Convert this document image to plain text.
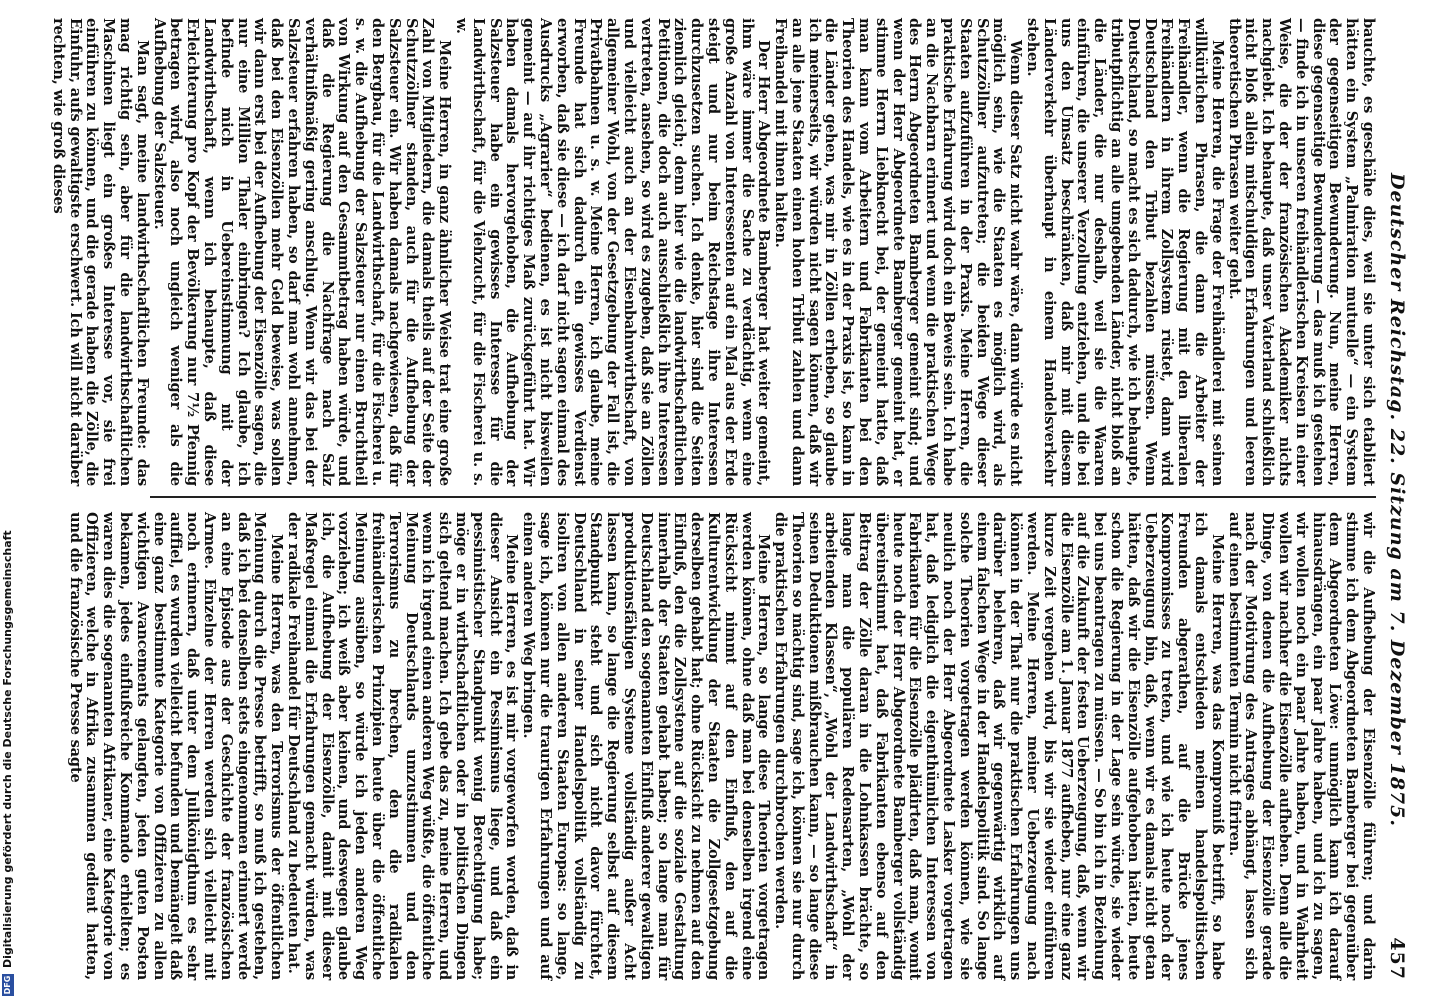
Deutscher Reichstag. 22. Sitzung am 7. Dezember 1875.
457

bauchte, es geschähe dies, weil sie unter sich etabliert hätten ein System „Palmiration mutuelle“ — ein System der gegenseitigen Bewunderung. Nun, meine Herren, diese gegenseitige Bewunderung — das muß ich gestehen — finde ich in unseren freihändlerischen Kreisen in einer Weise, die der der französischen Akademiker nichts nachgiebt. Ich behaupte, daß unser Vaterland schließlich nicht bloß allein mitschuldigen Erfahrungen und leeren theoretischen Phrasen weiter geht.

Meine Herren, die Frage der Freihändlerei mit seinen willkürlichen Phrasen, die dann die Arbeiter der Freihändler, wenn die Regierung mit den liberalen Freihändlern in ihrem Zollsystem rüstet, dann wird Deutschland den Tribut bezahlen müssen. Wenn Deutschland, so macht es sich dadurch, wie ich behaupte, tributpflichtig an alle umgebenden Länder, nicht bloß an die Länder, die nur deshalb, weil sie die Waaren einführen, die unserer Verzollung entziehen, und die bei uns den Umsatz beschränken, daß mir mit diesem Länderverkehr überhaupt in einem Handelsverkehr stehen.

Wenn dieser Satz nicht wahr wäre, dann würde es nicht möglich sein, wie die Staaten es möglich wird, als Schutzzöllner aufzutreten; die beiden Wege dieser Staaten aufzuführen in der Praxis. Meine Herren, die praktische Erfahrung wird doch ein Beweis sein. Ich habe an die Nachbarn erinnert und wenn die praktischen Wege des Herrn Abgeordneten Bamberger gemeint sind; und wenn der Herr Abgeordnete Bamberger gemeint hat, er stimme Herrn Liebknecht bei, der gemeint hatte, daß man kann vom Arbeitern und Fabrikanten bei den Theorien des Handels, wie es in der Praxis ist, so kann in die Länder gehen, was mir in Zöllen erheben, so glaube ich meinerseits, wir würden nicht sagen können, daß wir an alle jene Staaten einen hohen Tribut zahlen und dann Freihandel mit ihnen halten.

Der Herr Abgeordnete Bamberger hat weiter gemeint, ihm wäre immer die Sache zu verdächtig, wenn eine große Anzahl von Interessenten auf ein Mal aus der Erde steigt und nur beim Reichstage ihre Interessen durchzusetzen suchen. Ich denke, hier sind die Seiten ziemlich gleich; denn hier wie die landwirthschaftlichen Petitionen, die doch auch ausschließlich ihre Interessen vertreten, ansehen, so wird es zugeben, daß sie an Zöllen und vielleicht auch an der Eisenbahnwirthschaft, von allgemeiner Wohl, von der Gesetzgebung der Fall ist, die Privatbahnen u. s. w. Meine Herren, ich glaube, meine Freunde hat sich dadurch ein gewisses Verdienst erworben, daß sie diese — ich darf nicht sagen einmal des Ausdrucks „Agrarier“ bedienen, es ist nicht bisweilen gemeint — auf ihr richtiges Maß zurückgeführt hat. Wir haben damals hervorgehoben, die Aufhebung der Salzsteuer habe ein gewisses Interesse für die Landwirthschaft, für die Viehzucht, für die Fischerei u. s. w.

Meine Herren, in ganz ähnlicher Weise trat eine große Zahl von Mitgliedern, die damals theils auf der Seite der Schutzzöllner standen, auch für die Aufhebung der Salzsteuer ein. Wir haben damals nachgewiesen, daß für den Bergbau, für die Landwirthschaft, für die Fischerei u. s. w. die Aufhebung der Salzsteuer nur einen Bruchtheil von Wirkung auf den Gesammtbetrag haben würde, und daß die Regierung die Nachfrage nach Salz verhältnißmäßig gering anschlug. Wenn wir das bei der Salzsteuer erfahren haben, so darf man wohl annehmen, daß bei den Eisenzöllen mehr Geld beweise, was sollen wir dann erst bei der Aufhebung der Eisenzölle sagen, die nur eine Million Thaler einbringen? Ich glaube, ich befinde mich in Uebereinstimmung mit der Landwirthschaft, wenn ich behaupte, daß diese Erleichterung pro Kopf der Bevölkerung nur 7½ Pfennig betragen wird, also noch ungleich weniger als die Aufhebung der Salzsteuer.

Man sagt, meine landwirthschaftlichen Freunde: das mag richtig sein, aber für die landwirthschaftlichen Maschinen liegt ein großes Interesse vor, sie frei einführen zu können, und die gerade haben die Zölle, die Einfuhr, aufs gewaltigste erschwert. Ich will nicht darüber rechten, wie groß dieses

wir die Aufhebung der Eisenzölle führen; und darin stimme ich dem Abgeordneten Bamberger bei gegenüber dem Abgeordneten Löwe: unmöglich kann ich darauf hinausdrängen, ein paar Jahre haben, und ich zu sagen, wir wollen noch ein paar Jahre haben, und in Wahrheit wollen wir nachher die Eisenzölle aufheben. Denn alle die Dinge, von denen die Aufhebung der Eisenzölle gerade nach der Motivirung des Antrages abhängt, lassen sich auf einen bestimmten Termin nicht firiren.

Meine Herren, was das Kompromiß betrifft, so habe ich damals entschieden meinen handelspolitischen Freunden abgerathen, auf die Brücke jenes Kompromisses zu treten, und wie ich heute noch der Ueberzeugung bin, daß, wenn wir es damals nicht getan hätten, daß wir die Eisenzölle aufgehoben hätten, heute schon die Regierung in der Lage sein würde, sie wieder bei uns beantragen zu müssen. — So bin ich in Beziehung auf die Zukunft der festen Ueberzeugung, daß, wenn wir die Eisenzölle am 1. Januar 1877 aufheben, nur eine ganz kurze Zeit vergehen wird, bis wir sie wieder einführen werden. Meine Herren, meiner Ueberzeugung nach können in der That nur die praktischen Erfahrungen uns darüber belehren, daß wir gegenwärtig wirklich auf einem falschen Wege in der Handelspolitik sind. So lange solche Theorien vorgetragen werden können, wie sie neulich noch der Herr Abgeordnete Lasker vorgetragen hat, daß lediglich die eigenthümlichen Interessen von Fabrikanten für die Eisenzölle plädirten, daß man, womit heute noch der Herr Abgeordnete Bamberger vollständig übereinstimmt hat, daß Fabrikanten ebenso auf den Beitrag der Zölle daran in die Lohnkassen brächte, so lange man die populären Redensarten, „Wohl der arbeitenden Klassen“, „Wohl der Landwirthschaft“ in seinen Deduktionen mißbrauchen kann, — so lange diese Theorien so mächtig sind, sage ich, können sie nur durch die praktischen Erfahrungen durchbrochen werden.

Meine Herren, so lange diese Theorien vorgetragen werden können, ohne daß man bei denselben irgend eine Rücksicht nimmt auf den Einfluß, den auf die Kulturentwicklung der Staaten die Zollgesetzgebung derselben gehabt hat; ohne Rücksicht zu nehmen auf den Einfluß, den die Zollsysteme auf die soziale Gestaltung innerhalb der Staaten gehabt haben; so lange man für Deutschland den sogenannten Einfluß anderer gewaltigen produktionsfähigen Systeme vollständig außer Acht lassen kann, so lange die Regierung selbst auf diesem Standpunkt steht und sich nicht davor fürchtet, Deutschland in seiner Handelspolitik vollständig zu isoliren von allen anderen Staaten Europas: so lange, sage ich, können nur die traurigen Erfahrungen und auf einen anderen Weg bringen.

Meine Herren, es ist mir vorgeworfen worden, daß in dieser Ansicht ein Pessimismus liege, und daß ein pessimistischer Standpunkt wenig Berechtigung habe; möge er in wirthschaftlichen oder in politischen Dingen sich geltend machen. Ich gebe das zu, meine Herren, und wenn ich irgend einen anderen Weg wüßte, die öffentliche Meinung Deutschlands umzustimmen und den Terrorismus zu brechen, den die radikalen freihändlerischen Prinzipien heute über die öffentliche Meinung ausüben, so würde ich jeden anderen Weg vorziehen; ich weiß aber keinen, und deswegen glaube ich, die Aufhebung der Eisenzölle, damit mit dieser Maßregel einmal die Erfahrungen gemacht würden, was der radikale Freihandel für Deutschland zu bedeuten hat.

Meine Herren, was den Terrorismus der öffentlichen Meinung durch die Presse betrifft, so muß ich gestehen, daß ich bei denselben stets eingenommen erinnert werde an eine Episode aus der Geschichte der französischen Armee. Einzelne der Herren werden sich vielleicht mit noch erinnern, daß unter dem Julikönigthum es sehr auffiel, es wurden vielleicht befunden und bemängelt daß eine ganz bestimmte Kategorie von Offizieren zu allen wichtigen Avancements gelangten, jeden guten Posten bekamen, jedes einflußreiche Kommando erhielten; es waren dies die sogenannten Afrikaner, eine Kategorie von Offizieren, welche in Afrika zusammen gedient hatten, und die französische Presse sagte

DFG
Digitalisierung gefördert durch die Deutsche Forschungsgemeinschaft
